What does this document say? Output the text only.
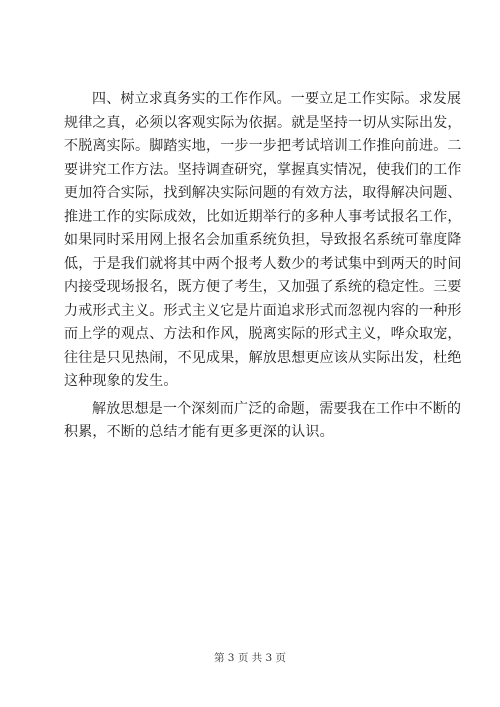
四、树立求真务实的工作作风。一要立足工作实际。求发展
规律之真，必须以客观实际为依据。就是坚持一切从实际出发，
不脱离实际。脚踏实地，一步一步把考试培训工作推向前进。二
要讲究工作方法。坚持调查研究，掌握真实情况，使我们的工作
更加符合实际，找到解决实际问题的有效方法，取得解决问题、
推进工作的实际成效，比如近期举行的多种人事考试报名工作，
如果同时采用网上报名会加重系统负担，导致报名系统可靠度降
低，于是我们就将其中两个报考人数少的考试集中到两天的时间
内接受现场报名，既方便了考生，又加强了系统的稳定性。三要
力戒形式主义。形式主义它是片面追求形式而忽视内容的一种形
而上学的观点、方法和作风，脱离实际的形式主义，哗众取宠，
往往是只见热闹，不见成果，解放思想更应该从实际出发，杜绝
这种现象的发生。
解放思想是一个深刻而广泛的命题，需要我在工作中不断的
积累，不断的总结才能有更多更深的认识。
第 3 页 共 3 页
